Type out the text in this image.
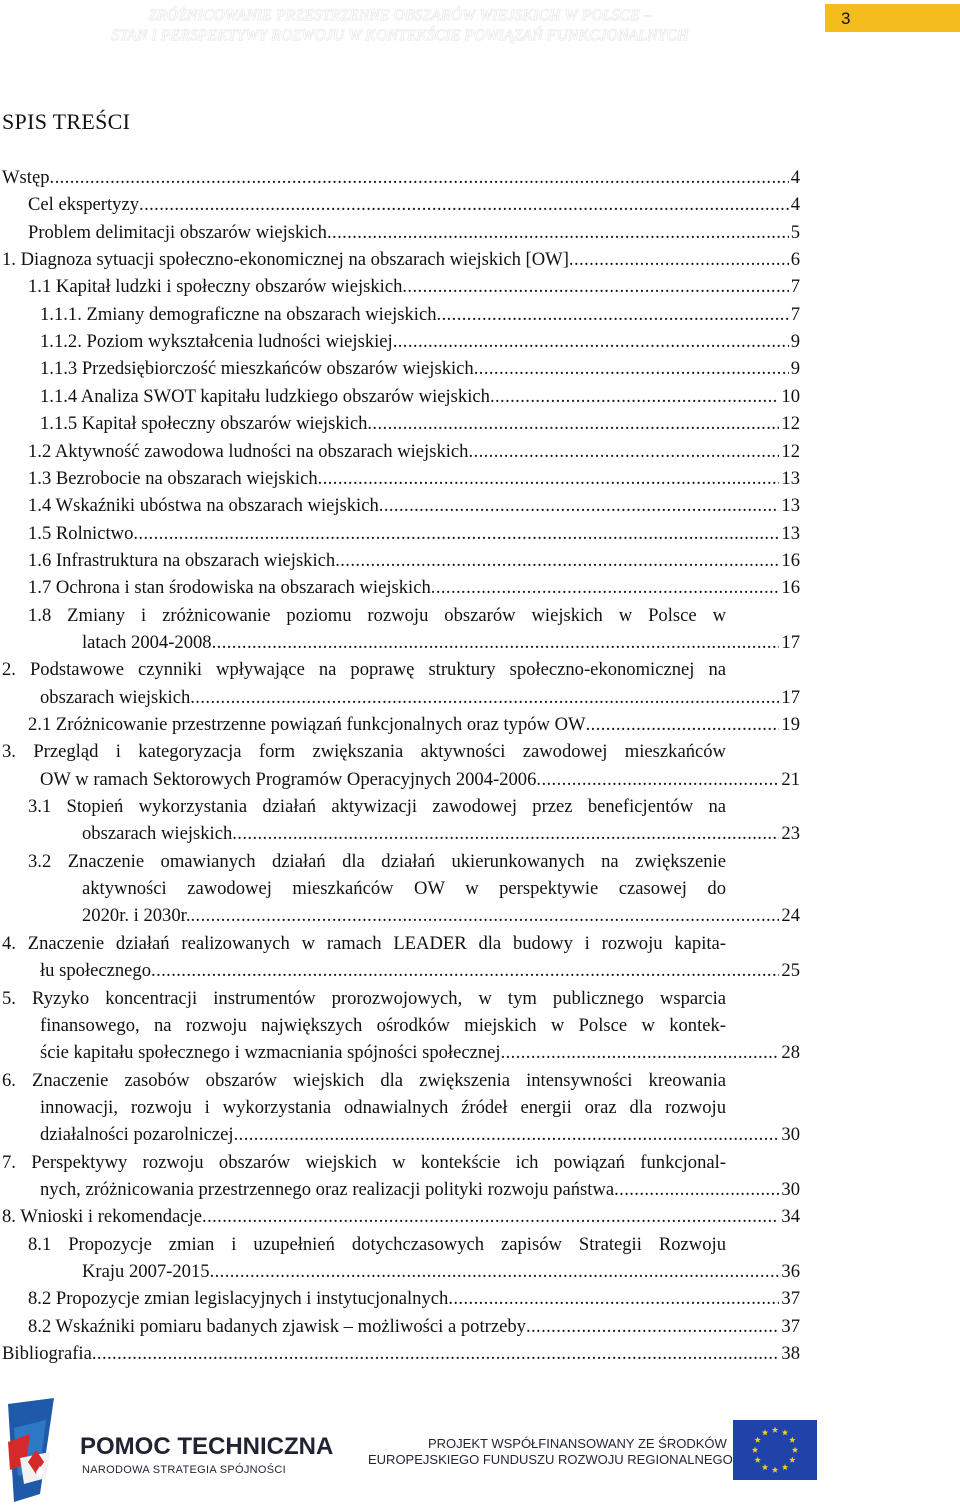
ZRÓŻNICOWANIE PRZESTRZENNE OBSZARÓW WIEJSKICH W POLSCE –
STAN I PERSPEKTYWY ROZWOJU W KONTEKŚCIE POWIĄZAŃ FUNKCJONALNYCH
3
SPIS TREŚCI
Wstęp .....	4
Cel ekspertyzy .....	4
Problem delimitacji obszarów wiejskich .....	5
1. Diagnoza sytuacji społeczno-ekonomicznej na obszarach wiejskich [OW] .....	6
1.1 Kapitał ludzki i społeczny obszarów wiejskich .....	7
1.1.1. Zmiany demograficzne na obszarach wiejskich .....	7
1.1.2. Poziom wykształcenia ludności wiejskiej .....	9
1.1.3 Przedsiębiorczość mieszkańców obszarów wiejskich .....	9
1.1.4 Analiza SWOT kapitału ludzkiego obszarów wiejskich .....	10
1.1.5 Kapitał społeczny obszarów wiejskich .....	12
1.2 Aktywność zawodowa ludności na obszarach wiejskich .....	12
1.3 Bezrobocie na obszarach wiejskich .....	13
1.4 Wskaźniki ubóstwa na obszarach wiejskich .....	13
1.5 Rolnictwo .....	13
1.6 Infrastruktura na obszarach wiejskich .....	16
1.7 Ochrona i stan środowiska na obszarach wiejskich .....	16
1.8 Zmiany i zróżnicowanie poziomu rozwoju obszarów wiejskich w Polsce w
latach 2004-2008 .....	17
2. Podstawowe czynniki wpływające na poprawę struktury społeczno-ekonomicznej na
obszarach wiejskich .....	17
2.1 Zróżnicowanie przestrzenne powiązań funkcjonalnych oraz typów OW .....	19
3. Przegląd i kategoryzacja form zwiększania aktywności zawodowej mieszkańców
OW w ramach Sektorowych Programów Operacyjnych 2004-2006 .....	21
3.1 Stopień wykorzystania działań aktywizacji zawodowej przez beneficjentów na
obszarach wiejskich .....	23
3.2 Znaczenie omawianych działań dla działań ukierunkowanych na zwiększenie
aktywności zawodowej mieszkańców OW w perspektywie czasowej do
2020r. i 2030r. .....	24
4. Znaczenie działań realizowanych w ramach LEADER dla budowy i rozwoju kapita-
łu społecznego .....	25
5. Ryzyko koncentracji instrumentów prorozwojowych, w tym publicznego wsparcia
finansowego, na rozwoju największych ośrodków miejskich w Polsce w kontek-
ście kapitału społecznego i wzmacniania spójności społecznej .....	28
6. Znaczenie zasobów obszarów wiejskich dla zwiększenia intensywności kreowania
innowacji, rozwoju i wykorzystania odnawialnych źródeł energii oraz dla rozwoju
działalności pozarolniczej .....	30
7. Perspektywy rozwoju obszarów wiejskich w kontekście ich powiązań funkcjonal-
nych, zróżnicowania przestrzennego oraz realizacji polityki rozwoju państwa .....	30
8. Wnioski i rekomendacje .....	34
8.1 Propozycje zmian i uzupełnień dotychczasowych zapisów Strategii Rozwoju
Kraju 2007-2015 .....	36
8.2 Propozycje zmian legislacyjnych i instytucjonalnych .....	37
8.2 Wskaźniki pomiaru badanych zjawisk – możliwości a potrzeby .....	37
Bibliografia .....	38
POMOC TECHNICZNA
NARODOWA STRATEGIA SPÓJNOŚCI
PROJEKT WSPÓŁFINANSOWANY ZE ŚRODKÓW
EUROPEJSKIEGO FUNDUSZU ROZWOJU REGIONALNEGO
